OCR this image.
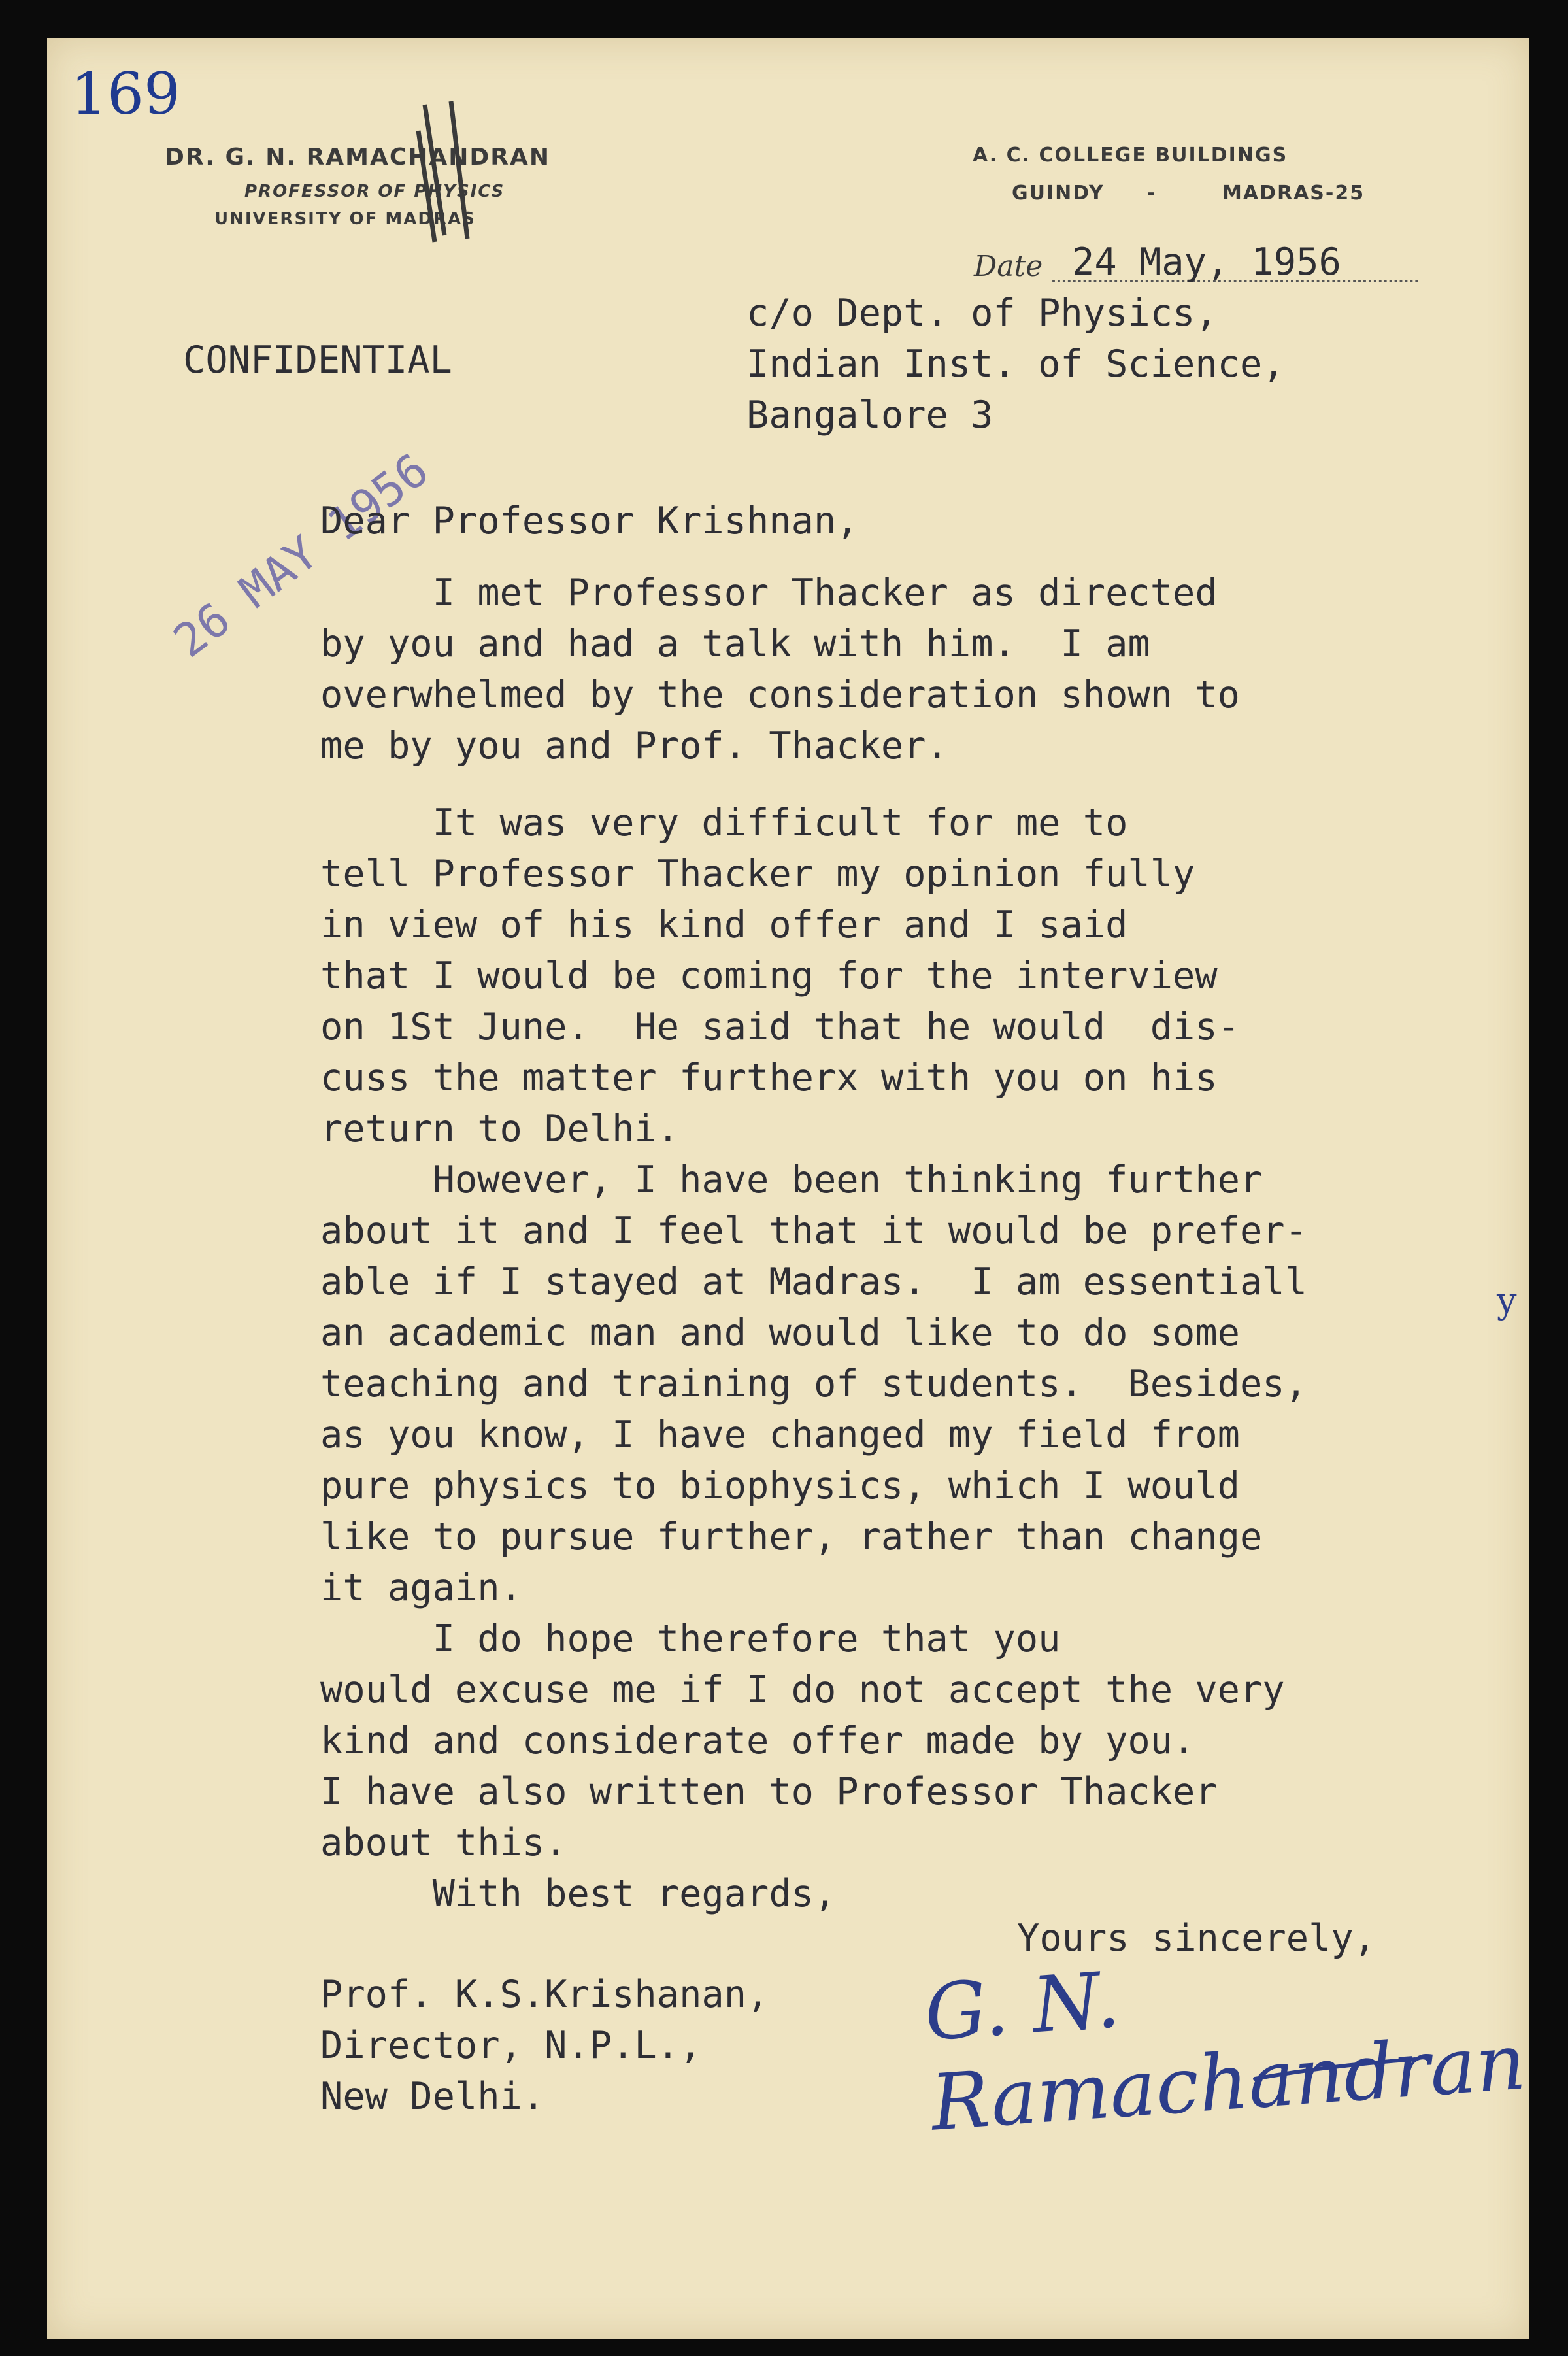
169
DR. G. N. RAMACHANDRAN
PROFESSOR OF PHYSICS
UNIVERSITY OF MADRAS
A. C. COLLEGE BUILDINGS
GUINDY -	MADRAS-25
Date 24 May, 1956
26 MAY 1956
CONFIDENTIAL
c/o Dept. of Physics,
Indian Inst. of Science,
Bangalore 3
Dear Professor Krishnan,
I met Professor Thacker as directed
by you and had a talk with him.  I am
overwhelmed by the consideration shown to
me by you and Prof. Thacker.
It was very difficult for me to
tell Professor Thacker my opinion fully
in view of his kind offer and I said
that I would be coming for the interview
on 1St June.  He said that he would  dis-
cuss the matter furtherx with you on his
return to Delhi.
However, I have been thinking further
about it and I feel that it would be prefer-
able if I stayed at Madras.  I am essentiall
an academic man and would like to do some
teaching and training of students.  Besides,
as you know, I have changed my field from
pure physics to biophysics, which I would
like to pursue further, rather than change
it again.
I do hope therefore that you
would excuse me if I do not accept the very
kind and considerate offer made by you.
I have also written to Professor Thacker
about this.
With best regards,
y
Yours sincerely,
G. N. Ramachandran
Prof. K.S.Krishanan,
Director, N.P.L.,
New Delhi.
